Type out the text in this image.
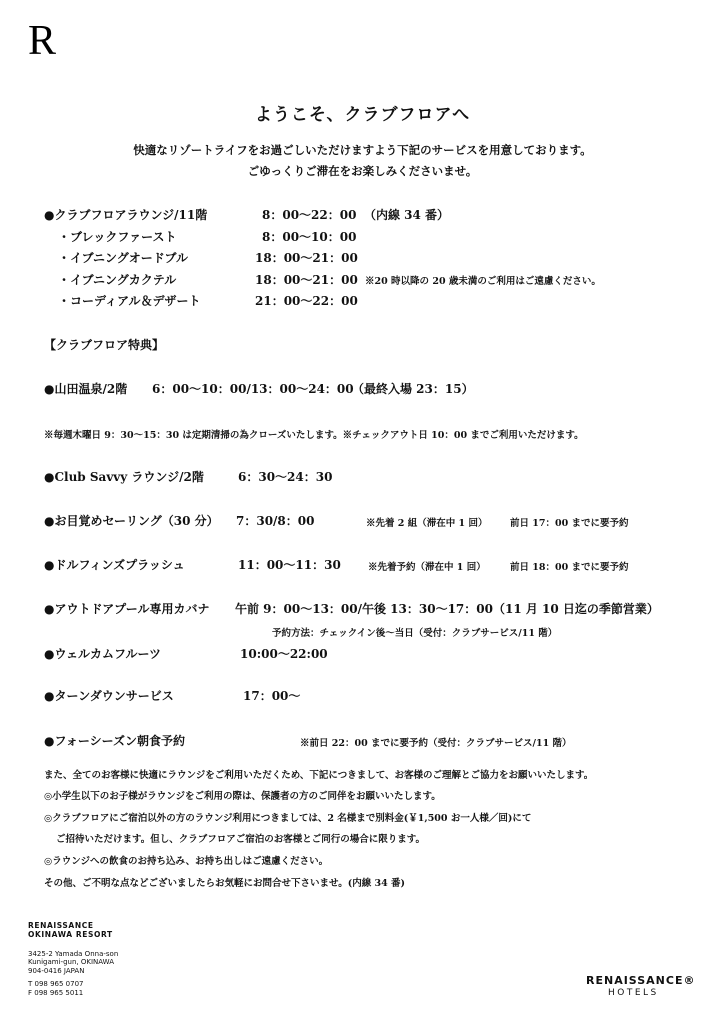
R
ようこそ、クラブフロアへ
快適なリゾートライフをお過ごしいただけますよう下記のサービスを用意しております。
ごゆっくりご滞在をお楽しみくださいませ。
●クラブフロアラウンジ/11階	8：00〜22：00 （内線 34 番）
・ブレックファースト	8：00〜10：00
・イブニングオードブル	18：00〜21：00
・イブニングカクテル	18：00〜21：00 ※20 時以降の 20 歳未満のご利用はご遠慮ください。
・コーディアル＆デザート	21：00〜22：00
【クラブフロア特典】
●山田温泉/2階 6：00〜10：00/13：00〜24：00
（最終入場 23：15）
※毎週木曜日 9：30〜15：30 は定期清掃の為クローズいたします。※チェックアウト日 10：00 までご利用いただけます。
●Club Savvy ラウンジ/2階	6：30〜24：30
●お目覚めセーリング（30 分） 7：30/8：00	※先着 2 組（滞在中 1 回） 前日 17：00 までに要予約
●ドルフィンズプラッシュ	11：00〜11：30	※先着予約（滞在中 1 回）	前日 18：00 までに要予約
●アウトドアプール専用カバナ 午前 9：00〜13：00/午後 13：30〜17：00（11 月 10 日迄の季節営業）
予約方法：チェックイン後〜当日（受付：クラブサービス/11 階）
●ウェルカムフルーツ	10:00〜22:00
●ターンダウンサービス	17：00〜
●フォーシーズン朝食予約	※前日 22：00 までに要予約（受付：クラブサービス/11 階）
また、全てのお客様に快適にラウンジをご利用いただくため、下記につきまして、お客様のご理解とご協力をお願いいたします。
◎小学生以下のお子様がラウンジをご利用の際は、保護者の方のご同伴をお願いいたします。
◎クラブフロアにご宿泊以外の方のラウンジ利用につきましては、2 名様まで別料金(￥1,500 お一人様／回)にて
ご招待いただけます。但し、クラブフロアご宿泊のお客様とご同行の場合に限ります。
◎ラウンジへの飲食のお持ち込み、お持ち出しはご遠慮ください。
その他、ご不明な点などございましたらお気軽にお問合せ下さいませ。(内線 34 番)
RENAISSANCE
OKINAWA RESORT
3425-2 Yamada Onna-son
Kunigami-gun, OKINAWA
904-0416 JAPAN
T 098 965 0707
F 098 965 5011
RENAISSANCE®
HOTELS
